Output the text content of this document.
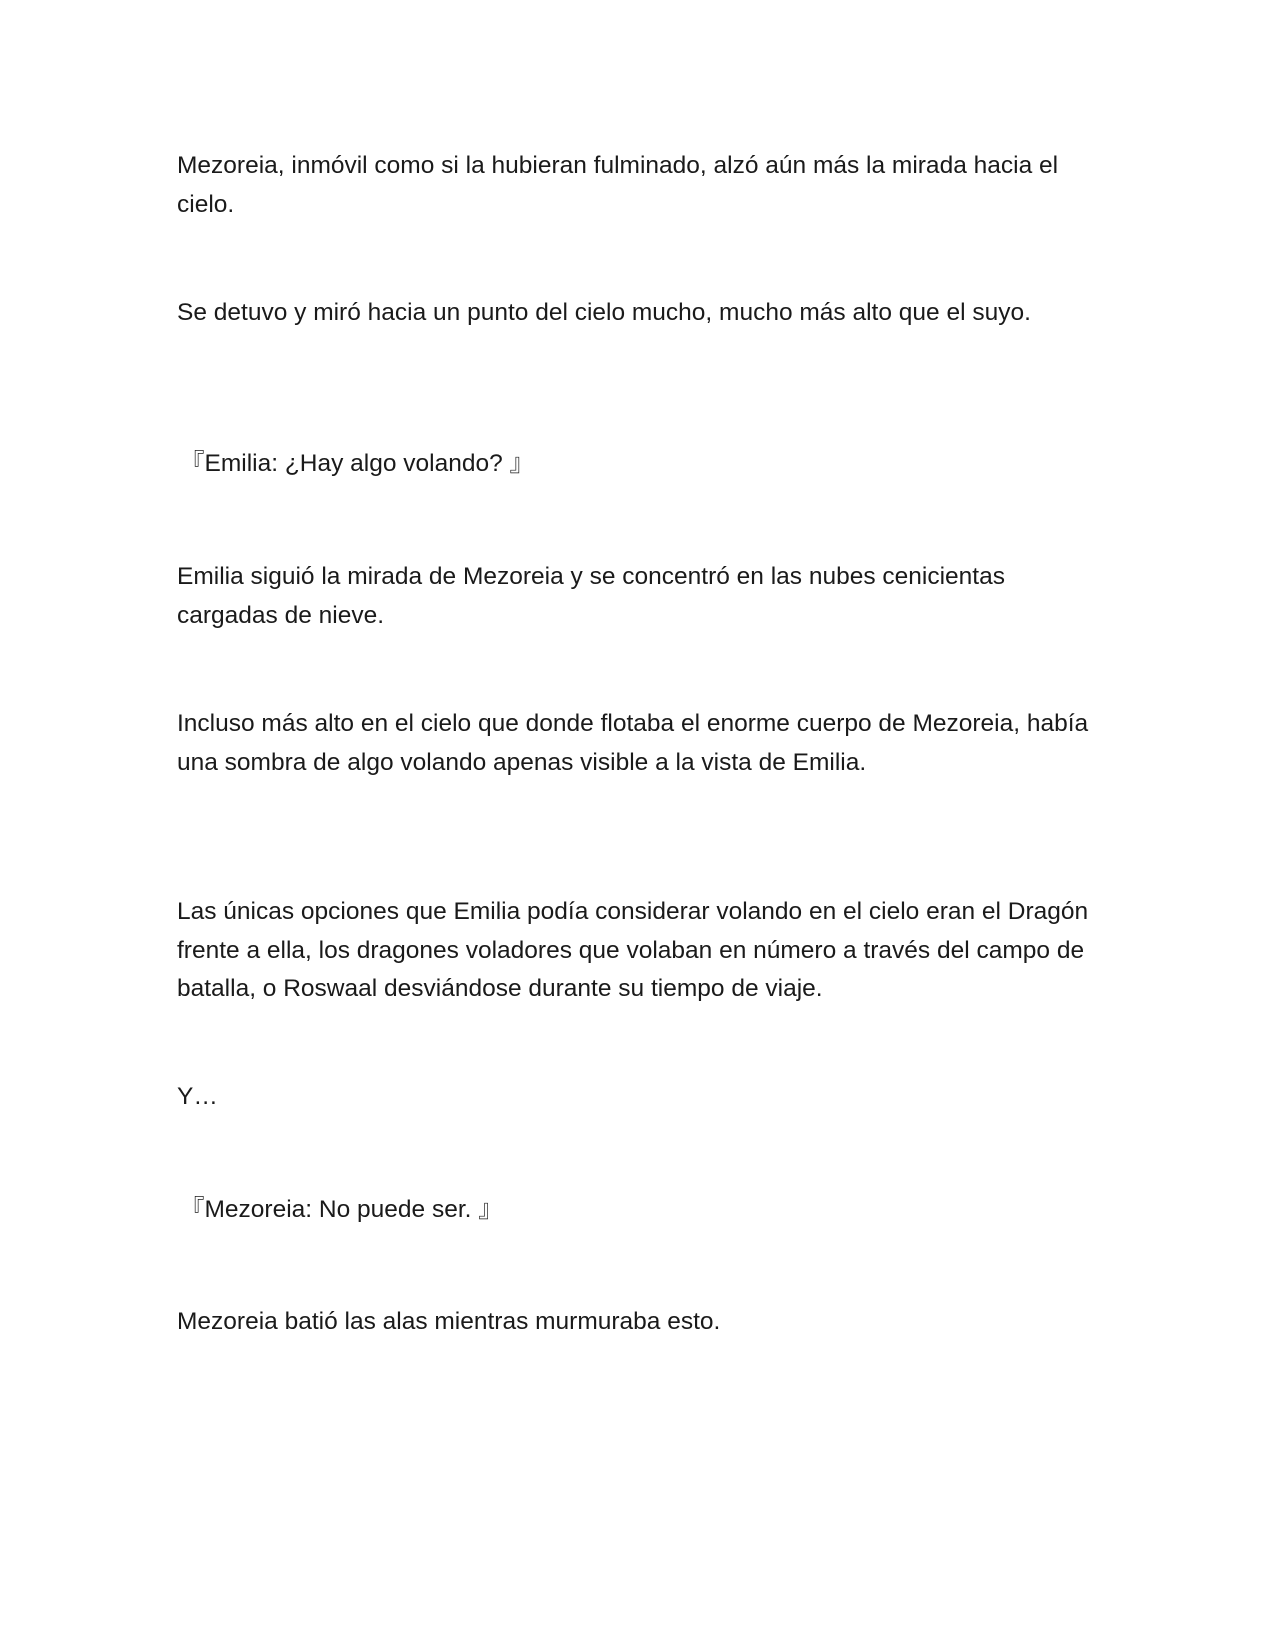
Mezoreia, inmóvil como si la hubieran fulminado, alzó aún más la mirada hacia el cielo.

Se detuvo y miró hacia un punto del cielo mucho, mucho más alto que el suyo.

『Emilia: ¿Hay algo volando? 』

Emilia siguió la mirada de Mezoreia y se concentró en las nubes cenicientas cargadas de nieve.

Incluso más alto en el cielo que donde flotaba el enorme cuerpo de Mezoreia, había una sombra de algo volando apenas visible a la vista de Emilia.

Las únicas opciones que Emilia podía considerar volando en el cielo eran el Dragón frente a ella, los dragones voladores que volaban en número a través del campo de batalla, o Roswaal desviándose durante su tiempo de viaje.

Y…

『Mezoreia: No puede ser. 』

Mezoreia batió las alas mientras murmuraba esto.
